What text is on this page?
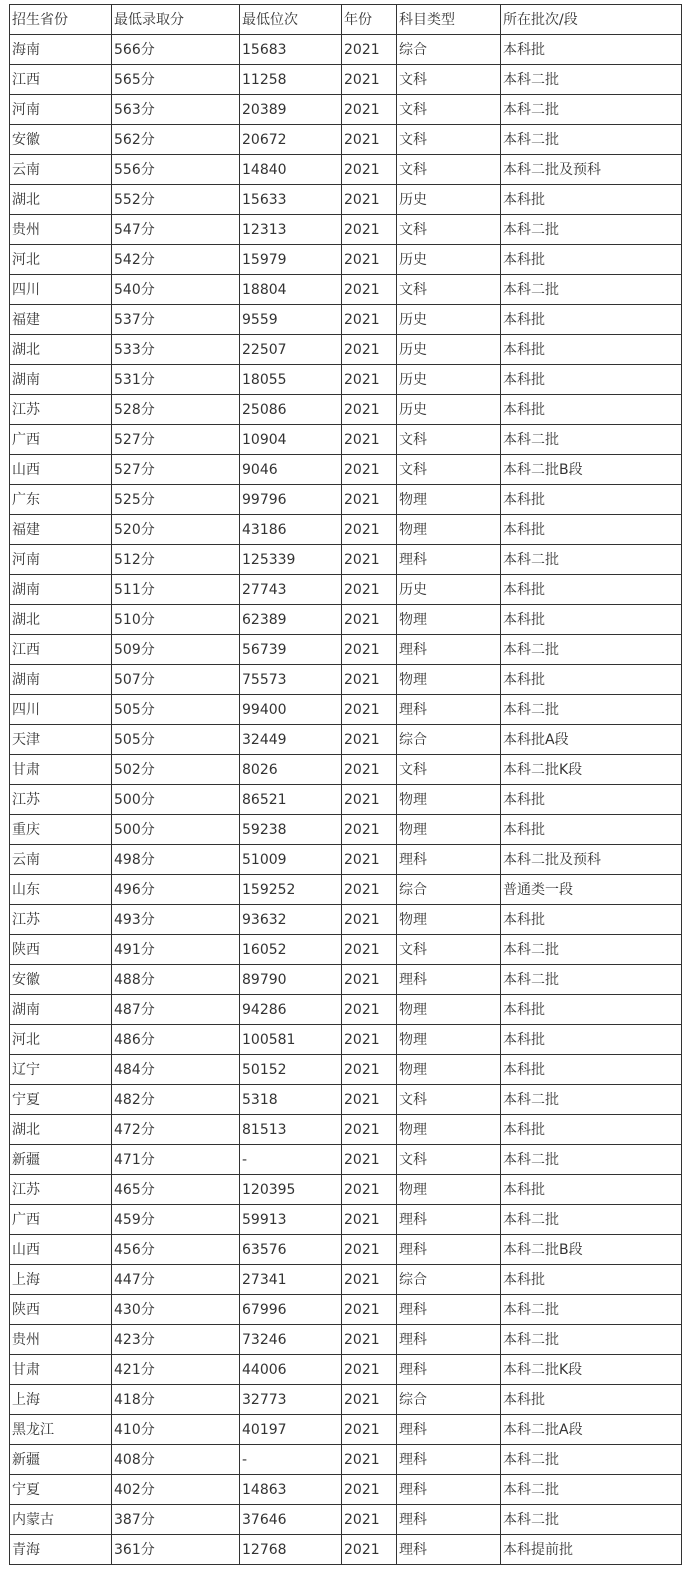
招生省份	最低录取分	最低位次	年份	科目类型	所在批次/段
海南	566分	15683	2021	综合	本科批
江西	565分	11258	2021	文科	本科二批
河南	563分	20389	2021	文科	本科二批
安徽	562分	20672	2021	文科	本科二批
云南	556分	14840	2021	文科	本科二批及预科
湖北	552分	15633	2021	历史	本科批
贵州	547分	12313	2021	文科	本科二批
河北	542分	15979	2021	历史	本科批
四川	540分	18804	2021	文科	本科二批
福建	537分	9559	2021	历史	本科批
湖北	533分	22507	2021	历史	本科批
湖南	531分	18055	2021	历史	本科批
江苏	528分	25086	2021	历史	本科批
广西	527分	10904	2021	文科	本科二批
山西	527分	9046	2021	文科	本科二批B段
广东	525分	99796	2021	物理	本科批
福建	520分	43186	2021	物理	本科批
河南	512分	125339	2021	理科	本科二批
湖南	511分	27743	2021	历史	本科批
湖北	510分	62389	2021	物理	本科批
江西	509分	56739	2021	理科	本科二批
湖南	507分	75573	2021	物理	本科批
四川	505分	99400	2021	理科	本科二批
天津	505分	32449	2021	综合	本科批A段
甘肃	502分	8026	2021	文科	本科二批K段
江苏	500分	86521	2021	物理	本科批
重庆	500分	59238	2021	物理	本科批
云南	498分	51009	2021	理科	本科二批及预科
山东	496分	159252	2021	综合	普通类一段
江苏	493分	93632	2021	物理	本科批
陕西	491分	16052	2021	文科	本科二批
安徽	488分	89790	2021	理科	本科二批
湖南	487分	94286	2021	物理	本科批
河北	486分	100581	2021	物理	本科批
辽宁	484分	50152	2021	物理	本科批
宁夏	482分	5318	2021	文科	本科二批
湖北	472分	81513	2021	物理	本科批
新疆	471分	-	2021	文科	本科二批
江苏	465分	120395	2021	物理	本科批
广西	459分	59913	2021	理科	本科二批
山西	456分	63576	2021	理科	本科二批B段
上海	447分	27341	2021	综合	本科批
陕西	430分	67996	2021	理科	本科二批
贵州	423分	73246	2021	理科	本科二批
甘肃	421分	44006	2021	理科	本科二批K段
上海	418分	32773	2021	综合	本科批
黑龙江	410分	40197	2021	理科	本科二批A段
新疆	408分	-	2021	理科	本科二批
宁夏	402分	14863	2021	理科	本科二批
内蒙古	387分	37646	2021	理科	本科二批
青海	361分	12768	2021	理科	本科提前批
